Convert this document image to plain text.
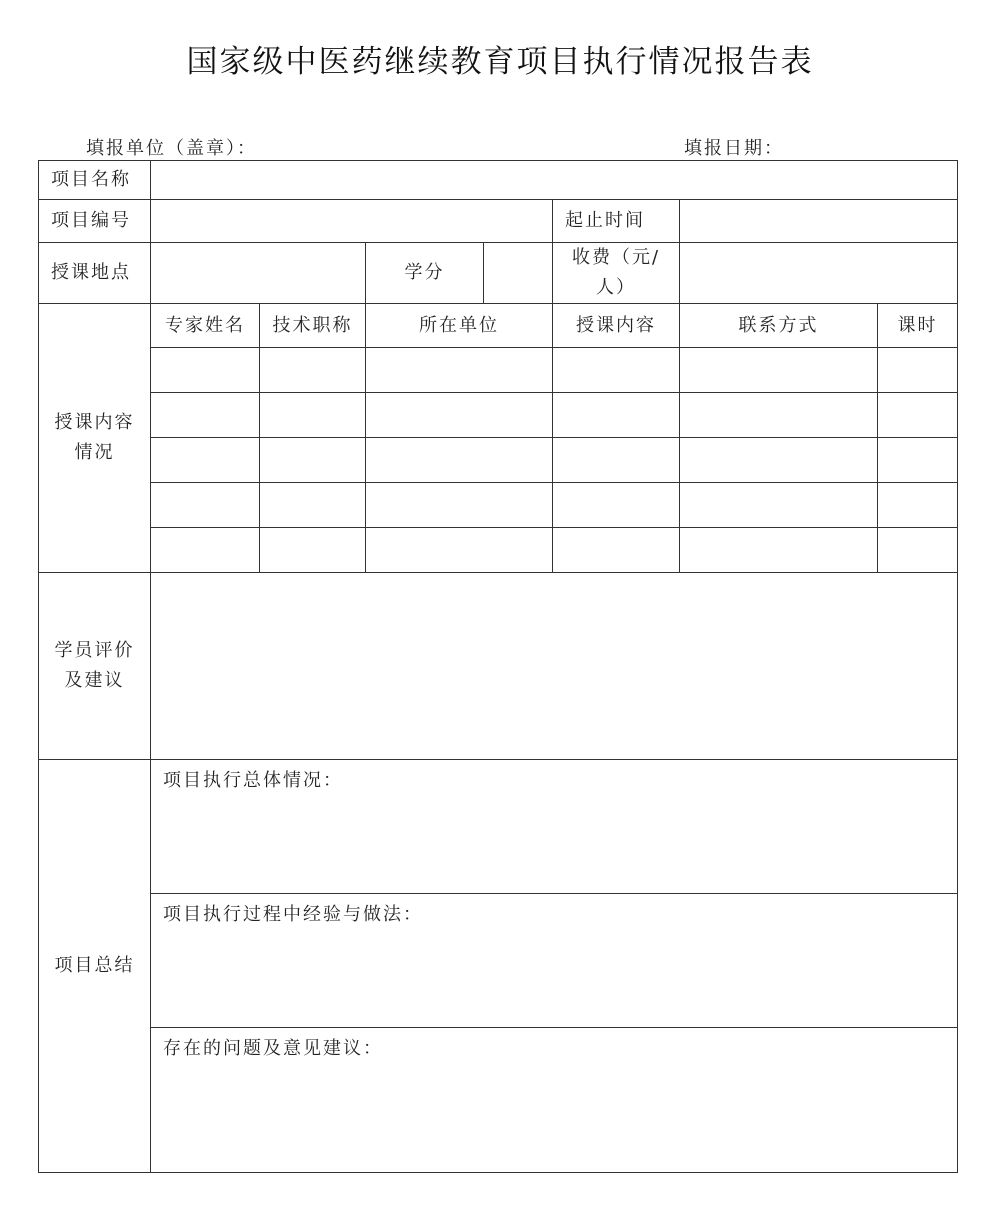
国家级中医药继续教育项目执行情况报告表
填报单位（盖章）：	填报日期：
项目名称							
项目编号					起止时间		
授课地点			学分		收费（元/人）		
授课内容情况	专家姓名	技术职称	所在单位		授课内容	联系方式	课时

学员评价及建议							
项目总结	项目执行总体情况：						
	项目执行过程中经验与做法：						
	存在的问题及意见建议：						
